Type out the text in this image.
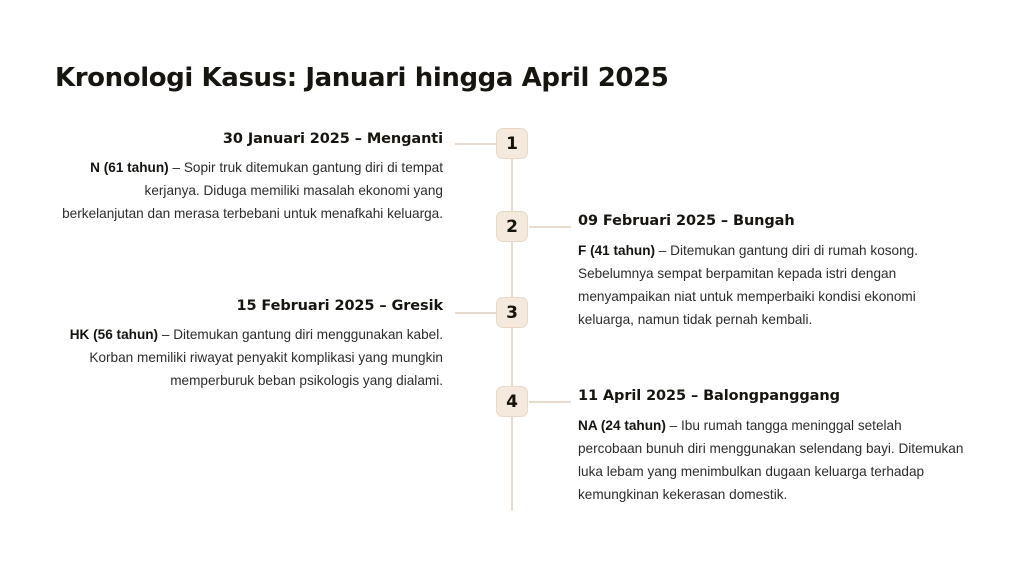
Kronologi Kasus: Januari hingga April 2025
1
2
3
4
30 Januari 2025 – Menganti

N (61 tahun) – Sopir truk ditemukan gantung diri di tempat kerjanya. Diduga memiliki masalah ekonomi yang berkelanjutan dan merasa terbebani untuk menafkahi keluarga.	09 Februari 2025 – Bungah

F (41 tahun) – Ditemukan gantung diri di rumah kosong. Sebelumnya sempat berpamitan kepada istri dengan menyampaikan niat untuk memperbaiki kondisi ekonomi keluarga, namun tidak pernah kembali.

15 Februari 2025 – Gresik

HK (56 tahun) – Ditemukan gantung diri menggunakan kabel. Korban memiliki riwayat penyakit komplikasi yang mungkin memperburuk beban psikologis yang dialami.

11 April 2025 – Balongpanggang

NA (24 tahun) – Ibu rumah tangga meninggal setelah percobaan bunuh diri menggunakan selendang bayi. Ditemukan luka lebam yang menimbulkan dugaan keluarga terhadap kemungkinan kekerasan domestik.
